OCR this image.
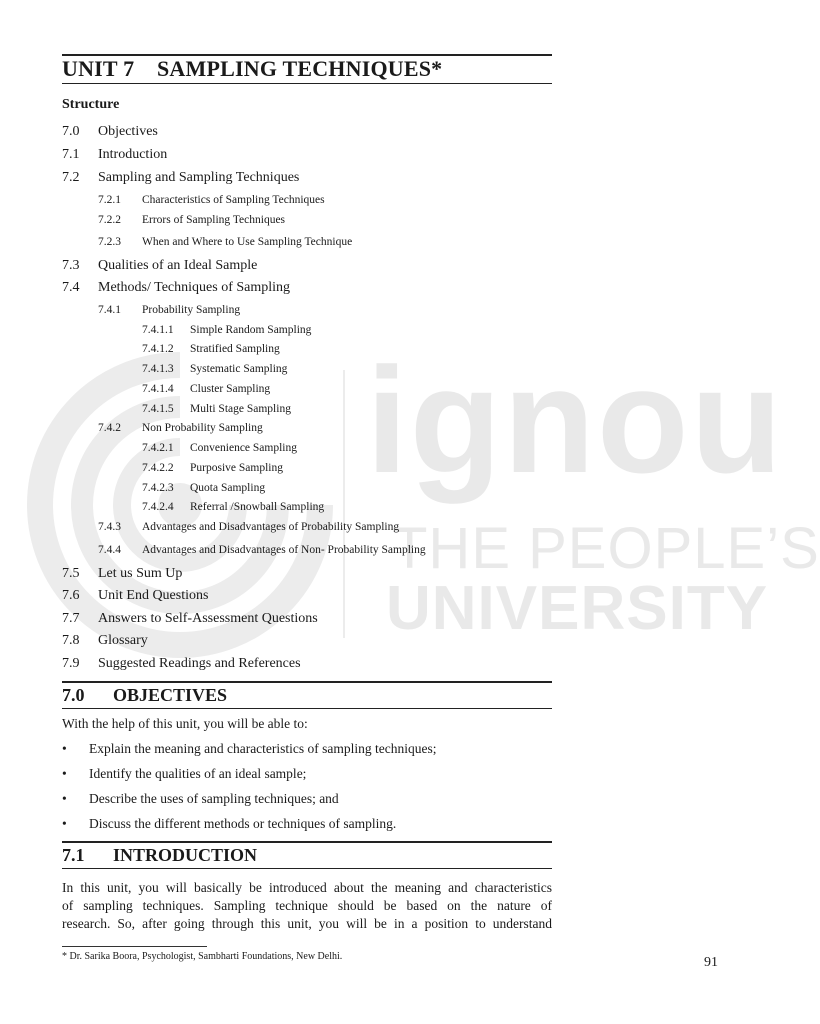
ignou
THE PEOPLE’S
UNIVERSITY
UNIT 7 SAMPLING TECHNIQUES*
Structure
7.0 Objectives
7.1 Introduction
7.2 Sampling and Sampling Techniques
7.2.1 Characteristics of Sampling Techniques
7.2.2 Errors of Sampling Techniques
7.2.3 When and Where to Use Sampling Technique
7.3 Qualities of an Ideal Sample
7.4 Methods/ Techniques of Sampling
7.4.1 Probability Sampling
7.4.1.1 Simple Random Sampling
7.4.1.2 Stratified Sampling
7.4.1.3 Systematic Sampling
7.4.1.4 Cluster Sampling
7.4.1.5 Multi Stage Sampling
7.4.2 Non Probability Sampling
7.4.2.1 Convenience Sampling
7.4.2.2 Purposive Sampling
7.4.2.3 Quota Sampling
7.4.2.4 Referral /Snowball Sampling
7.4.3 Advantages and Disadvantages of Probability Sampling
7.4.4 Advantages and Disadvantages of Non- Probability Sampling
7.5 Let us Sum Up
7.6 Unit End Questions
7.7 Answers to Self-Assessment Questions
7.8 Glossary
7.9 Suggested Readings and References
7.0 OBJECTIVES
With the help of this unit, you will be able to:
• Explain the meaning and characteristics of sampling techniques;
• Identify the qualities of an ideal sample;
• Describe the uses of sampling techniques; and
• Discuss the different methods or techniques of sampling.
7.1 INTRODUCTION
In this unit, you will basically be introduced about the meaning and characteristics
of sampling techniques. Sampling technique should be based on the nature of
research. So, after going through this unit, you will be in a position to understand
* Dr. Sarika Boora, Psychologist, Sambharti Foundations, New Delhi.	91
